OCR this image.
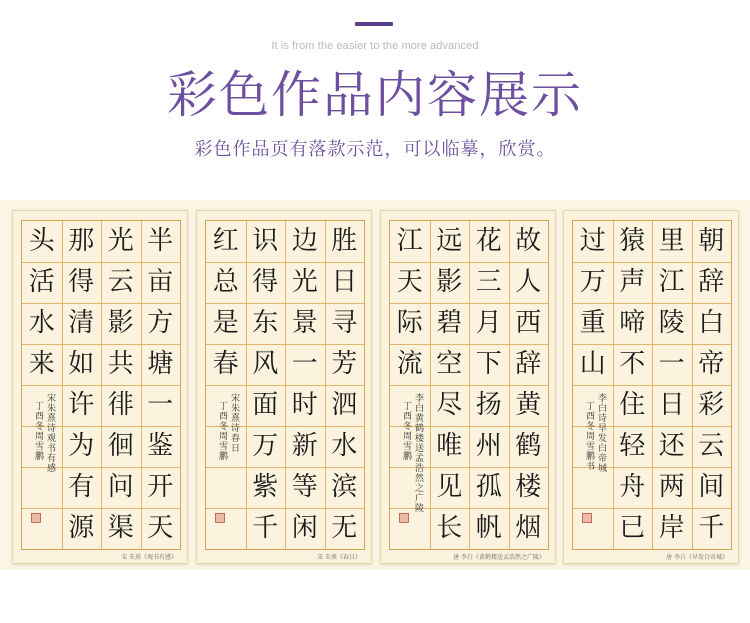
It is from the easier to the more advanced
彩色作品内容展示
彩色作品页有落款示范，可以临摹，欣赏。
半
亩
方
塘
一
鉴
开
天
光
云
影
共
徘
徊
问
渠
那
得
清
如
许
为
有
源
头
活
水
来
宋朱熹诗观书有感
丁酉冬周雪鹏
宋 朱熹《观书有感》
胜
日
寻
芳
泗
水
滨
无
边
光
景
一
时
新
等
闲
识
得
东
风
面
万
紫
千
红
总
是
春
宋朱熹诗春日
丁酉冬周雪鹏
宋 朱熹《春日》
故
人
西
辞
黄
鹤
楼
烟
花
三
月
下
扬
州
孤
帆
远
影
碧
空
尽
唯
见
长
江
天
际
流
李白黄鹤楼送孟浩然之广陵
丁酉冬周雪鹏
唐 李白《黄鹤楼送孟浩然之广陵》
朝
辞
白
帝
彩
云
间
千
里
江
陵
一
日
还
两
岸
猿
声
啼
不
住
轻
舟
已
过
万
重
山
李白诗早发白帝城
丁酉冬周雪鹏书
唐 李白《早发白帝城》
